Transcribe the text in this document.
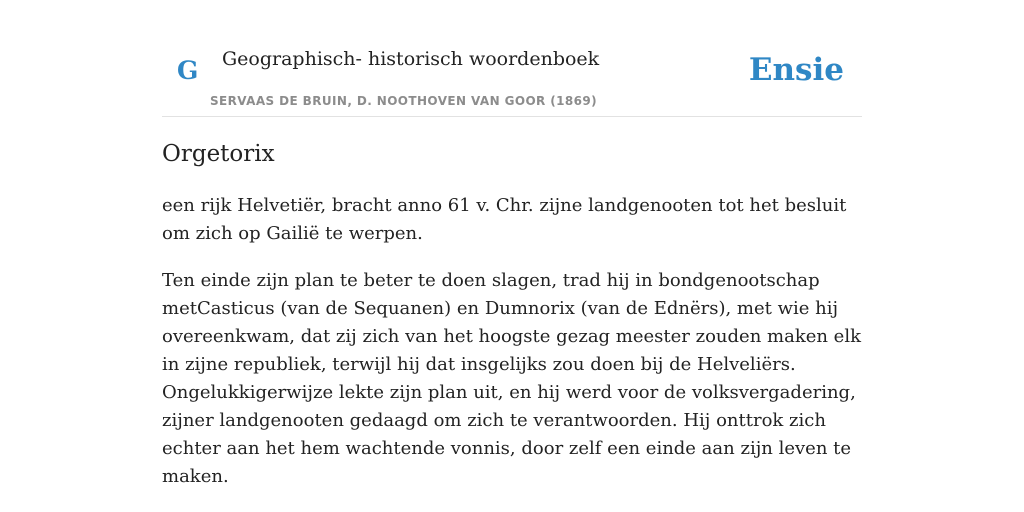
G Geographisch- historisch woordenboek
SERVAAS DE BRUIN, D. NOOTHOVEN VAN GOOR (1869)
Ensie
Orgetorix

een rijk Helvetiër, bracht anno 61 v. Chr. zijne landgenooten tot het besluit om zich op Gailië te werpen.

Ten einde zijn plan te beter te doen slagen, trad hij in bondgenootschap metCasticus (van de Sequanen) en Dumnorix (van de Ednërs), met wie hij overeenkwam, dat zij zich van het hoogste gezag meester zouden maken elk in zijne republiek, terwijl hij dat insgelijks zou doen bij de Helveliërs. Ongelukkigerwijze lekte zijn plan uit, en hij werd voor de volksvergadering, zijner landgenooten gedaagd om zich te verantwoorden. Hij onttrok zich echter aan het hem wachtende vonnis, door zelf een einde aan zijn leven te maken.
